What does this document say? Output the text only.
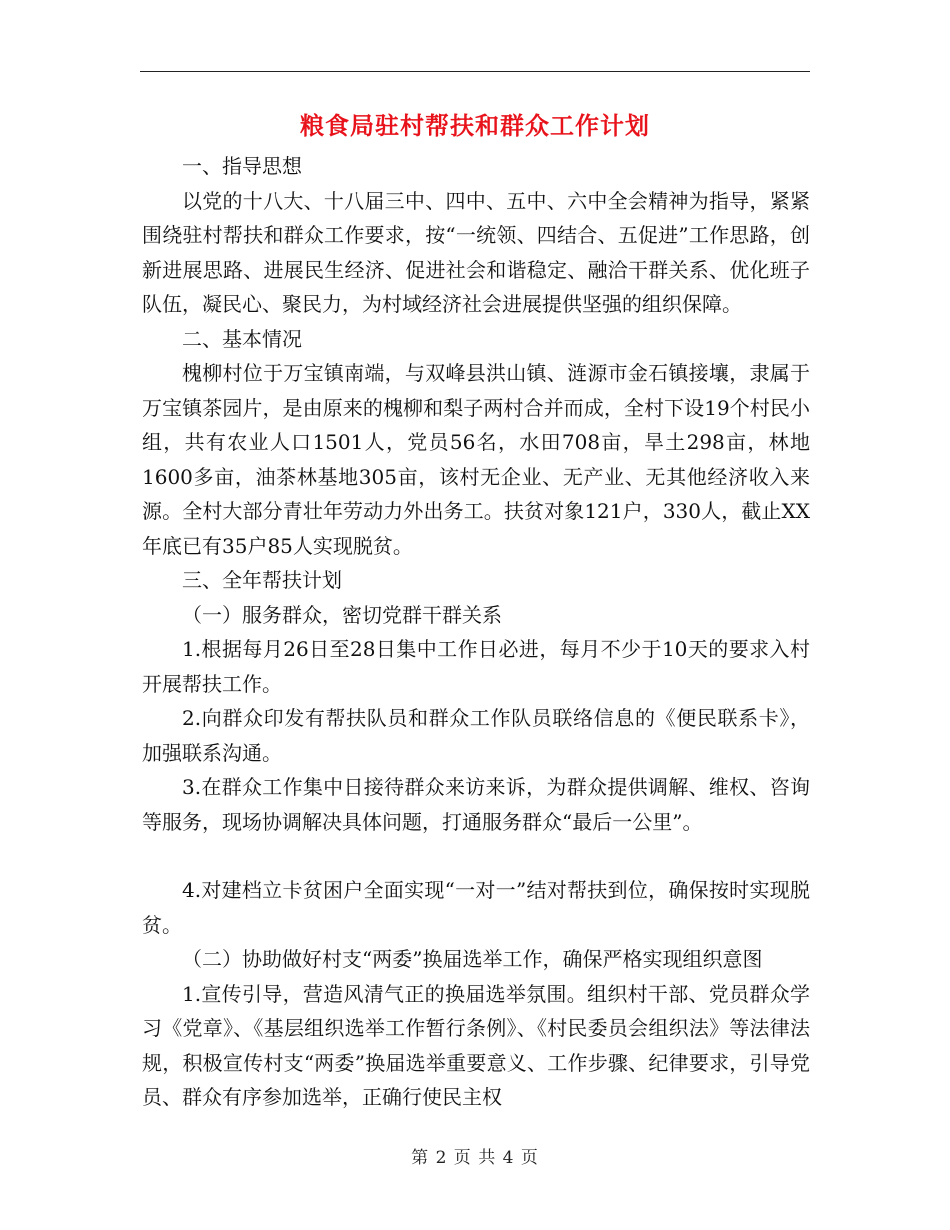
粮食局驻村帮扶和群众工作计划

一、指导思想

以党的十八大、十八届三中、四中、五中、六中全会精神为指导，紧紧围绕驻村帮扶和群众工作要求，按“一统领、四结合、五促进”工作思路，创新进展思路、进展民生经济、促进社会和谐稳定、融洽干群关系、优化班子队伍，凝民心、聚民力，为村域经济社会进展提供坚强的组织保障。

二、基本情况

槐柳村位于万宝镇南端，与双峰县洪山镇、涟源市金石镇接壤，隶属于万宝镇茶园片，是由原来的槐柳和梨子两村合并而成，全村下设19个村民小组，共有农业人口1501人，党员56名，水田708亩，旱土298亩，林地1600多亩，油茶林基地305亩，该村无企业、无产业、无其他经济收入来源。全村大部分青壮年劳动力外出务工。扶贫对象121户，330人，截止XX年底已有35户85人实现脱贫。

三、全年帮扶计划

（一）服务群众，密切党群干群关系

1.根据每月26日至28日集中工作日必进，每月不少于10天的要求入村开展帮扶工作。

2.向群众印发有帮扶队员和群众工作队员联络信息的《便民联系卡》，加强联系沟通。

3.在群众工作集中日接待群众来访来诉，为群众提供调解、维权、咨询等服务，现场协调解决具体问题，打通服务群众“最后一公里”。

4.对建档立卡贫困户全面实现“一对一”结对帮扶到位，确保按时实现脱贫。

（二）协助做好村支“两委”换届选举工作，确保严格实现组织意图

1.宣传引导，营造风清气正的换届选举氛围。组织村干部、党员群众学习《党章》、《基层组织选举工作暂行条例》、《村民委员会组织法》等法律法规，积极宣传村支“两委”换届选举重要意义、工作步骤、纪律要求，引导党员、群众有序参加选举，正确行使民主权

第 2 页 共 4 页
